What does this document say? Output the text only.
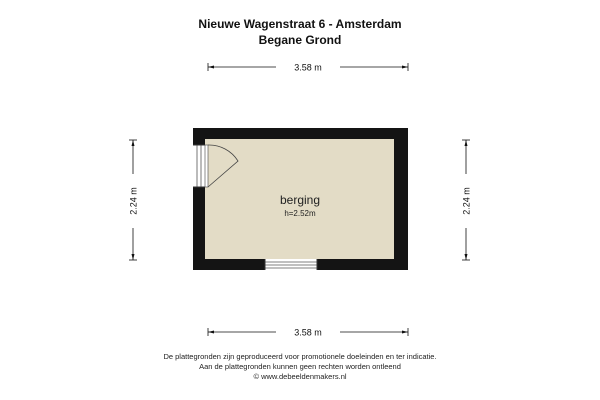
Nieuwe Wagenstraat 6 - Amsterdam
Begane Grond
3.58 m
3.58 m
2.24 m	2.24 m
berging
h=2.52m
De plattegronden zijn geproduceerd voor promotionele doeleinden en ter indicatie.
Aan de plattegronden kunnen geen rechten worden ontleend
© www.debeeldenmakers.nl
